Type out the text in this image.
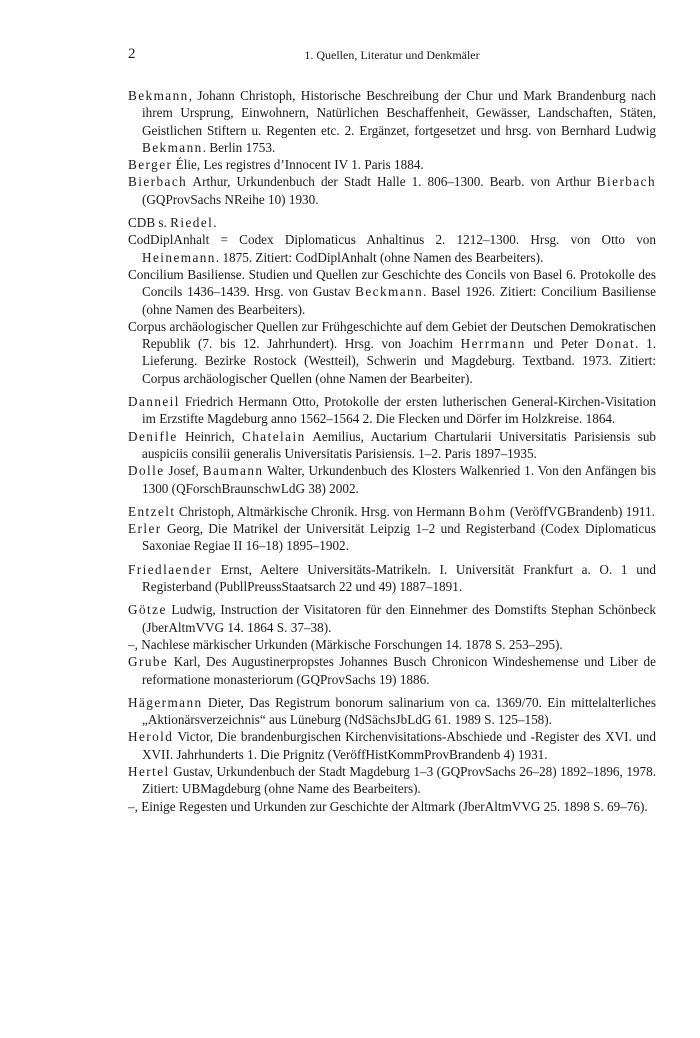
2	1. Quellen, Literatur und Denkmäler
Bekmann, Johann Christoph, Historische Beschreibung der Chur und Mark Brandenburg nach ihrem Ursprung, Einwohnern, Natürlichen Beschaffenheit, Gewässer, Landschaften, Stäten, Geistlichen Stiftern u. Regenten etc. 2. Ergänzet, fortgesetzet und hrsg. von Bernhard Ludwig Bekmann. Berlin 1753.
Berger Élie, Les registres d’Innocent IV 1. Paris 1884.
Bierbach Arthur, Urkundenbuch der Stadt Halle 1. 806–1300. Bearb. von Arthur Bierbach (GQProvSachs NReihe 10) 1930.
CDB s. Riedel.
CodDiplAnhalt = Codex Diplomaticus Anhaltinus 2. 1212–1300. Hrsg. von Otto von Heinemann. 1875. Zitiert: CodDiplAnhalt (ohne Namen des Bearbeiters).
Concilium Basiliense. Studien und Quellen zur Geschichte des Concils von Basel 6. Protokolle des Concils 1436–1439. Hrsg. von Gustav Beckmann. Basel 1926. Zitiert: Concilium Basiliense (ohne Namen des Bearbeiters).
Corpus archäologischer Quellen zur Frühgeschichte auf dem Gebiet der Deutschen Demokratischen Republik (7. bis 12. Jahrhundert). Hrsg. von Joachim Herrmann und Peter Donat. 1. Lieferung. Bezirke Rostock (Westteil), Schwerin und Magdeburg. Textband. 1973. Zitiert: Corpus archäologischer Quellen (ohne Namen der Bearbeiter).
Danneil Friedrich Hermann Otto, Protokolle der ersten lutherischen General-Kirchen-Visitation im Erzstifte Magdeburg anno 1562–1564 2. Die Flecken und Dörfer im Holzkreise. 1864.
Denifle Heinrich, Chatelain Aemilius, Auctarium Chartularii Universitatis Parisiensis sub auspiciis consilii generalis Universitatis Parisiensis. 1–2. Paris 1897–1935.
Dolle Josef, Baumann Walter, Urkundenbuch des Klosters Walkenried 1. Von den Anfängen bis 1300 (QForschBraunschwLdG 38) 2002.
Entzelt Christoph, Altmärkische Chronik. Hrsg. von Hermann Bohm (VeröffVGBrandenb) 1911.
Erler Georg, Die Matrikel der Universität Leipzig 1–2 und Registerband (Codex Diplomaticus Saxoniae Regiae II 16–18) 1895–1902.
Friedlaender Ernst, Aeltere Universitäts-Matrikeln. I. Universität Frankfurt a. O. 1 und Registerband (PubllPreussStaatsarch 22 und 49) 1887–1891.
Götze Ludwig, Instruction der Visitatoren für den Einnehmer des Domstifts Stephan Schönbeck (JberAltmVVG 14. 1864 S. 37–38).
–, Nachlese märkischer Urkunden (Märkische Forschungen 14. 1878 S. 253–295).
Grube Karl, Des Augustinerpropstes Johannes Busch Chronicon Windeshemense und Liber de reformatione monasteriorum (GQProvSachs 19) 1886.
Hägermann Dieter, Das Registrum bonorum salinarium von ca. 1369/70. Ein mittelalterliches „Aktionärsverzeichnis“ aus Lüneburg (NdSächsJbLdG 61. 1989 S. 125–158).
Herold Victor, Die brandenburgischen Kirchenvisitations-Abschiede und -Register des XVI. und XVII. Jahrhunderts 1. Die Prignitz (VeröffHistKommProvBrandenb 4) 1931.
Hertel Gustav, Urkundenbuch der Stadt Magdeburg 1–3 (GQProvSachs 26–28) 1892–1896, 1978. Zitiert: UBMagdeburg (ohne Name des Bearbeiters).
–, Einige Regesten und Urkunden zur Geschichte der Altmark (JberAltmVVG 25. 1898 S. 69–76).
